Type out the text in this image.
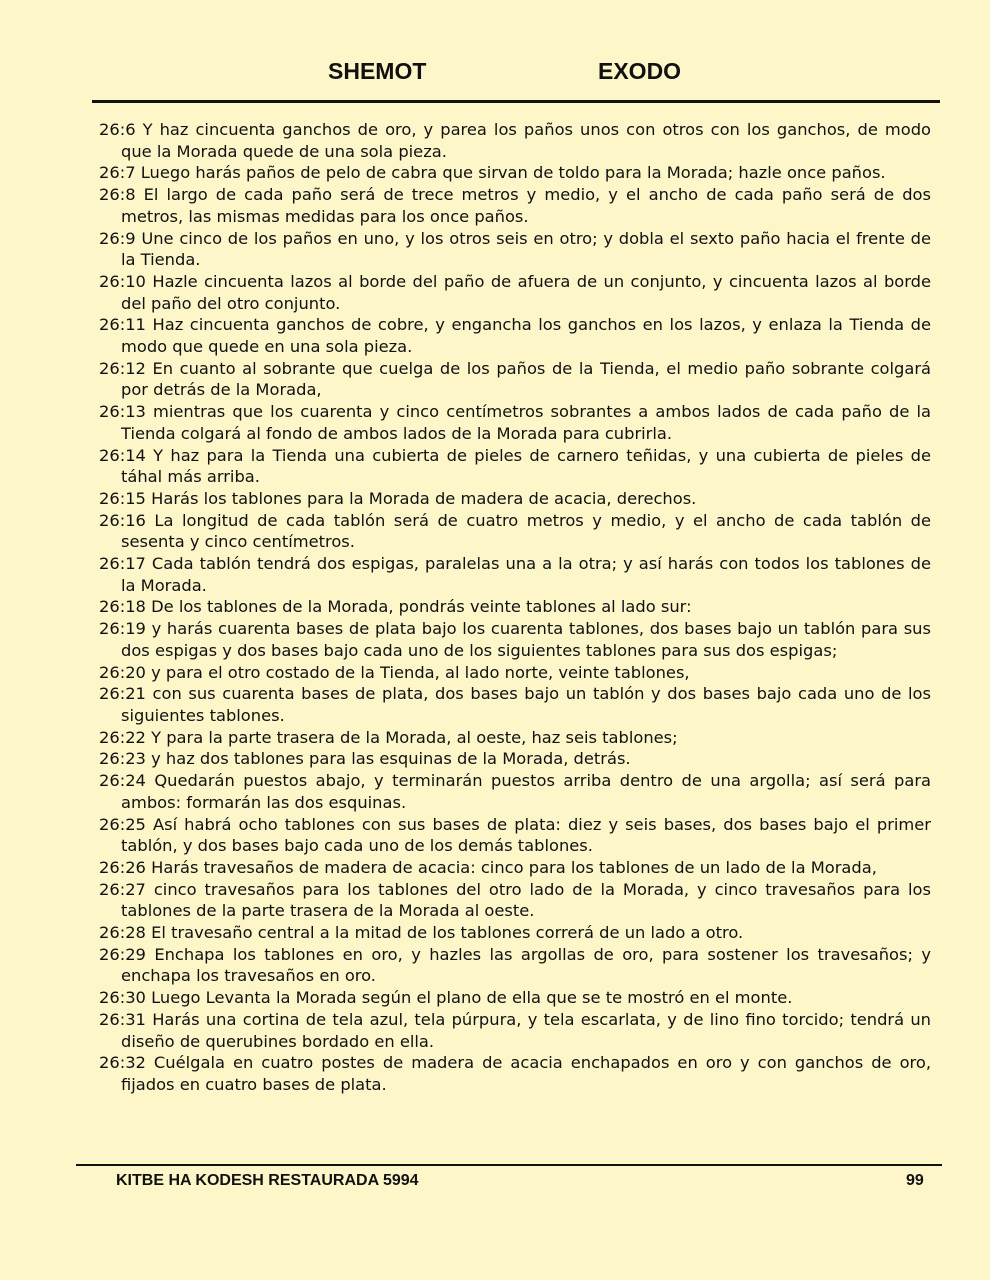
SHEMOT	EXODO

26:6 Y haz cincuenta ganchos de oro, y parea los paños unos con otros con los ganchos, de modo que la Morada quede de una sola pieza.

26:7 Luego harás paños de pelo de cabra que sirvan de toldo para la Morada; hazle once paños.

26:8 El largo de cada paño será de trece metros y medio, y el ancho de cada paño será de dos metros, las mismas medidas para los once paños.

26:9 Une cinco de los paños en uno, y los otros seis en otro; y dobla el sexto paño hacia el frente de la Tienda.

26:10 Hazle cincuenta lazos al borde del paño de afuera de un conjunto, y cincuenta lazos al borde del paño del otro conjunto.

26:11 Haz cincuenta ganchos de cobre, y engancha los ganchos en los lazos, y enlaza la Tienda de modo que quede en una sola pieza.

26:12 En cuanto al sobrante que cuelga de los paños de la Tienda, el medio paño sobrante colgará por detrás de la Morada,

26:13 mientras que los cuarenta y cinco centímetros sobrantes a ambos lados de cada paño de la Tienda colgará al fondo de ambos lados de la Morada para cubrirla.

26:14 Y haz para la Tienda una cubierta de pieles de carnero teñidas, y una cubierta de pieles de táhal más arriba.

26:15 Harás los tablones para la Morada de madera de acacia, derechos.

26:16 La longitud de cada tablón será de cuatro metros y medio, y el ancho de cada tablón de sesenta y cinco centímetros.

26:17 Cada tablón tendrá dos espigas, paralelas una a la otra; y así harás con todos los tablones de la Morada.

26:18 De los tablones de la Morada, pondrás veinte tablones al lado sur:

26:19 y harás cuarenta bases de plata bajo los cuarenta tablones, dos bases bajo un tablón para sus dos espigas y dos bases bajo cada uno de los siguientes tablones para sus dos espigas;

26:20 y para el otro costado de la Tienda, al lado norte, veinte tablones,

26:21 con sus cuarenta bases de plata, dos bases bajo un tablón y dos bases bajo cada uno de los siguientes tablones.

26:22 Y para la parte trasera de la Morada, al oeste, haz seis tablones;

26:23 y haz dos tablones para las esquinas de la Morada, detrás.

26:24 Quedarán puestos abajo, y terminarán puestos arriba dentro de una argolla; así será para ambos: formarán las dos esquinas.

26:25 Así habrá ocho tablones con sus bases de plata: diez y seis bases, dos bases bajo el primer tablón, y dos bases bajo cada uno de los demás tablones.

26:26 Harás travesaños de madera de acacia: cinco para los tablones de un lado de la Morada,

26:27 cinco travesaños para los tablones del otro lado de la Morada, y cinco travesaños para los tablones de la parte trasera de la Morada al oeste.

26:28 El travesaño central a la mitad de los tablones correrá de un lado a otro.

26:29 Enchapa los tablones en oro, y hazles las argollas de oro, para sostener los travesaños; y enchapa los travesaños en oro.

26:30 Luego Levanta la Morada según el plano de ella que se te mostró en el monte.

26:31 Harás una cortina de tela azul, tela púrpura, y tela escarlata, y de lino fino torcido; tendrá un diseño de querubines bordado en ella.

26:32 Cuélgala en cuatro postes de madera de acacia enchapados en oro y con ganchos de oro, fijados en cuatro bases de plata.

KITBE HA KODESH RESTAURADA 5994	99
